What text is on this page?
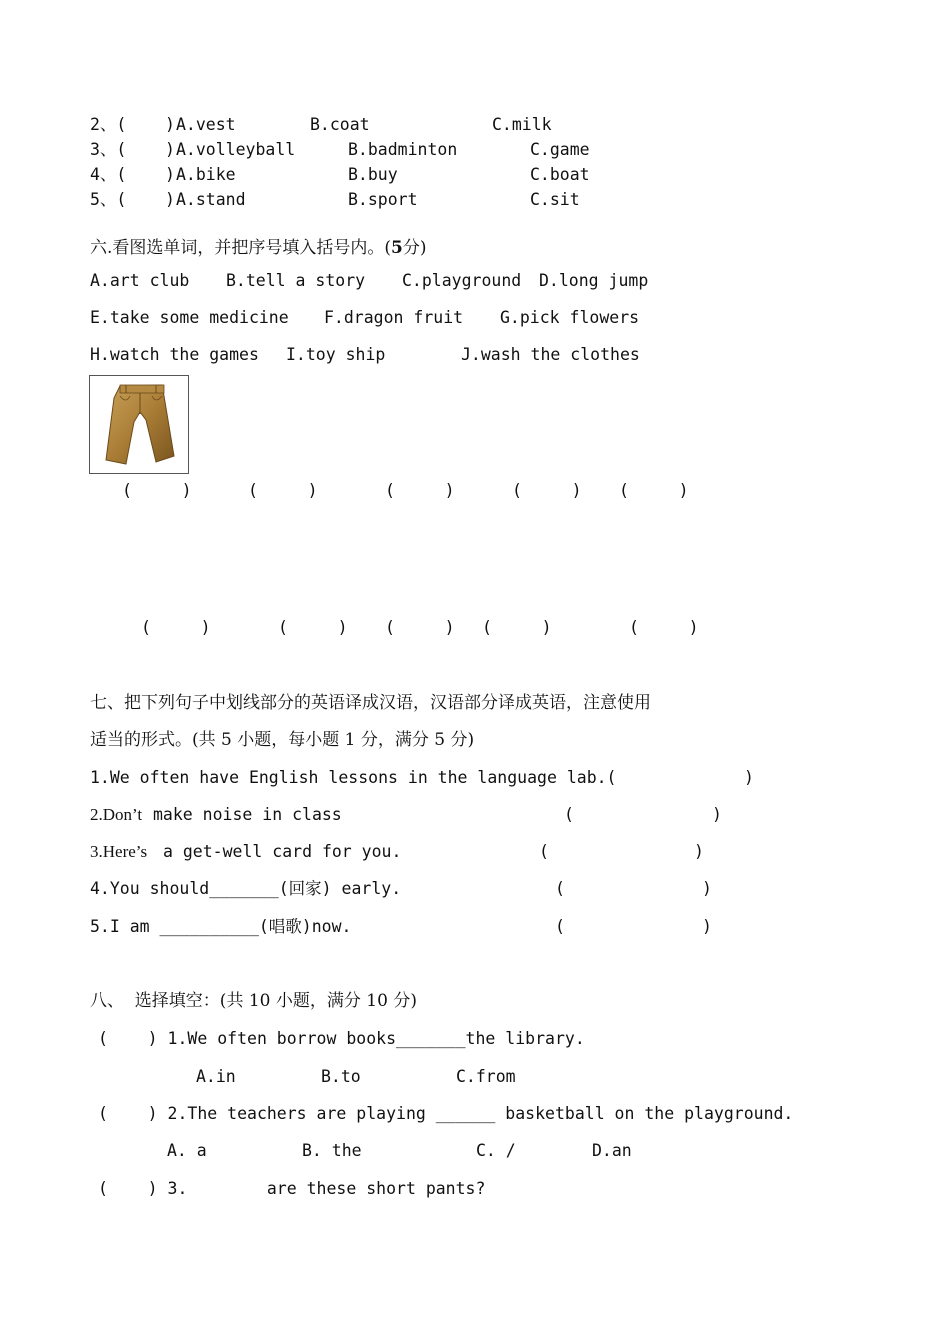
2、( ) A.vest	B.coat	C.milk
3、( ) A.volleyball	B.badminton	C.game
4、( ) A.bike	B.buy	C.boat
5、( ) A.stand	B.sport	C.sit
六.看图选单词，并把序号填入括号内。(5分)
A.art club B.tell a story C.playground D.long jump
E.take some medicine F.dragon fruit G.pick flowers
H.watch the games I.toy ship	J.wash the clothes
(     )	(     )	(     )	(     ) (     )
(     )	(     ) (     ) (     )	(     )
七、把下列句子中划线部分的英语译成汉语，汉语部分译成英语，注意使用
适当的形式。(共 5 小题，每小题 1 分，满分 5 分)
1.We often have English lessons in the language lab.(	)
2.Don’t make noise in class	(	)
3.Here’s a get-well card for you.	(	)
4.You should_______(回家) early.	(	)
5.I am __________(唱歌)now.	(	)
八、  选择填空：(共 10 小题，满分 10 分)
(    ) 1.We often borrow books_______the library.
A.in	B.to	C.from
(    ) 2.The teachers are playing ______ basketball on the playground.
A. a	B. the	C. /	D.an
(    ) 3.        are these short pants?
